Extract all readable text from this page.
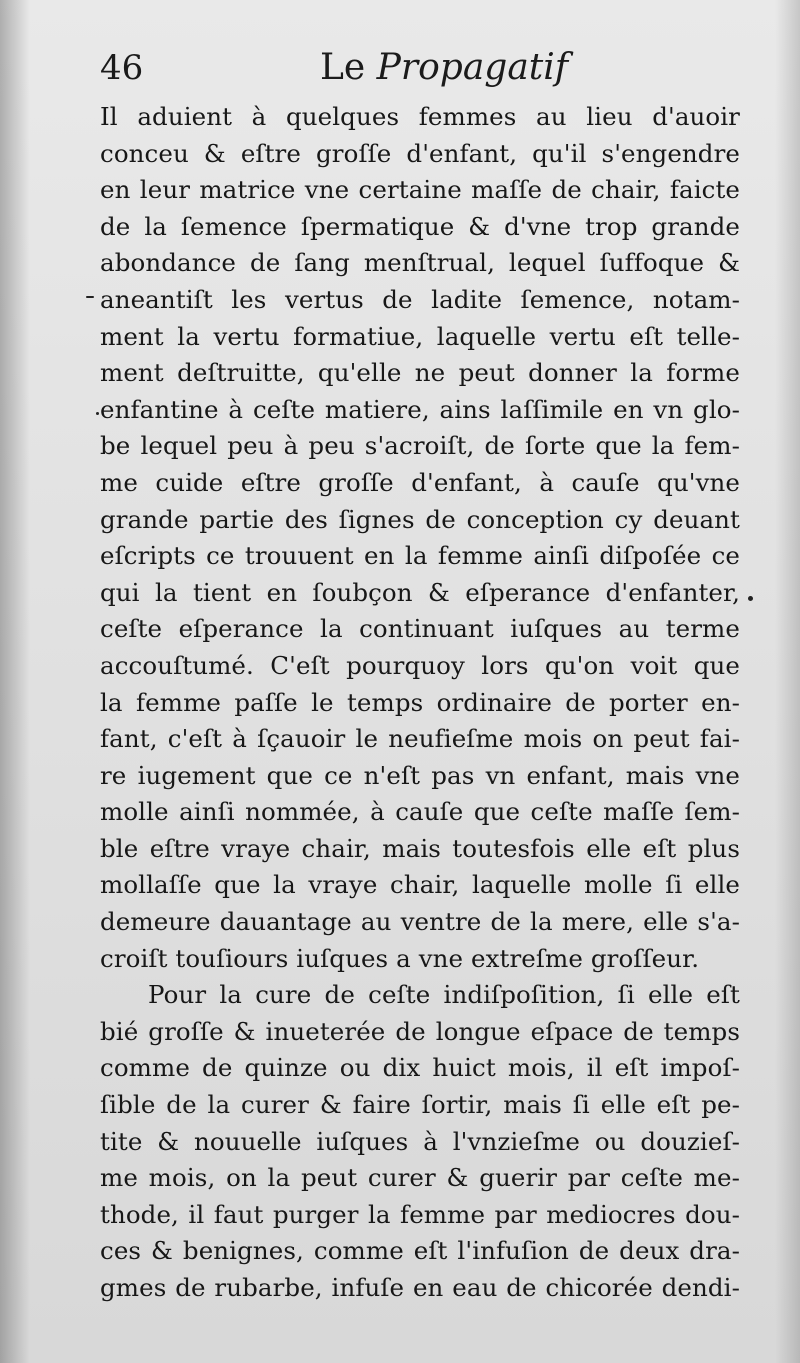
46	Le Propagatif
Il aduient à quelques femmes au lieu d'auoir
conceu & eſtre groſſe d'enfant, qu'il s'engendre
en leur matrice vne certaine maſſe de chair, faicte
de la ſemence ſpermatique & d'vne trop grande
abondance de ſang menſtrual, lequel ſuffoque &
aneantiſt les vertus de ladite ſemence, notam-
ment la vertu formatiue, laquelle vertu eſt telle-
ment deſtruitte, qu'elle ne peut donner la forme
enfantine à ceſte matiere, ains laſſimile en vn glo-
be lequel peu à peu s'acroiſt, de ſorte que la fem-
me cuide eſtre groſſe d'enfant, à cauſe qu'vne
grande partie des ſignes de conception cy deuant
eſcripts ce trouuent en la femme ainſi diſpoſée ce
qui la tient en ſoubçon & eſperance d'enfanter,
ceſte eſperance la continuant iuſques au terme
accouſtumé. C'eſt pourquoy lors qu'on voit que
la femme paſſe le temps ordinaire de porter en-
fant, c'eſt à ſçauoir le neufieſme mois on peut fai-
re iugement que ce n'eſt pas vn enfant, mais vne
molle ainſi nommée, à cauſe que ceſte maſſe ſem-
ble eſtre vraye chair, mais toutesfois elle eſt plus
mollaſſe que la vraye chair, laquelle molle ſi elle
demeure dauantage au ventre de la mere, elle s'a-
croiſt touſiours iuſques a vne extreſme groſſeur.
Pour la cure de ceſte indiſpoſition, ſi elle eſt
bié groſſe & inueterée de longue eſpace de temps
comme de quinze ou dix huict mois, il eſt impoſ-
ſible de la curer & faire ſortir, mais ſi elle eſt pe-
tite & nouuelle iuſques à l'vnzieſme ou douzieſ-
me mois, on la peut curer & guerir par ceſte me-
thode, il faut purger la femme par mediocres dou-
ces & benignes, comme eſt l'infuſion de deux dra-
gmes de rubarbe, infuſe en eau de chicorée dendi-
